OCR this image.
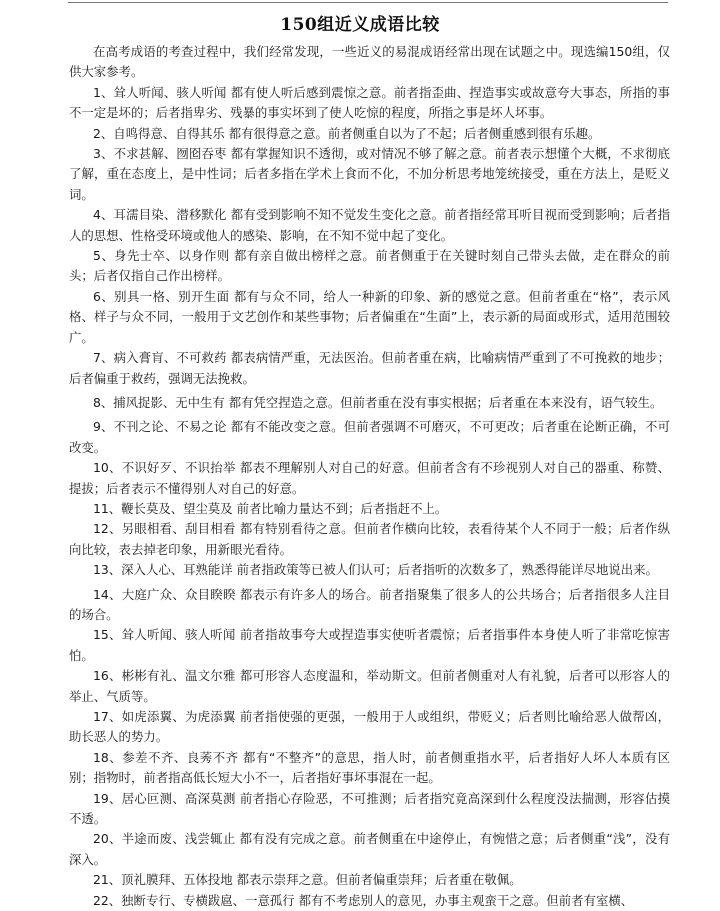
150组近义成语比较

在高考成语的考查过程中，我们经常发现，一些近义的易混成语经常出现在试题之中。现选编150组，仅供大家参考。

1、耸人听闻、骇人听闻 都有使人听后感到震惊之意。前者指歪曲、捏造事实或故意夸大事态，所指的事不一定是坏的；后者指卑劣、残暴的事实坏到了使人吃惊的程度，所指之事是坏人坏事。

2、自鸣得意、自得其乐 都有很得意之意。前者侧重自以为了不起；后者侧重感到很有乐趣。

3、不求甚解、囫囵吞枣 都有掌握知识不透彻，或对情况不够了解之意。前者表示想懂个大概，不求彻底了解，重在态度上，是中性词；后者多指在学术上食而不化，不加分析思考地笼统接受，重在方法上，是贬义词。

4、耳濡目染、潜移默化 都有受到影响不知不觉发生变化之意。前者指经常耳听目视而受到影响；后者指人的思想、性格受环境或他人的感染、影响，在不知不觉中起了变化。

5、身先士卒、以身作则 都有亲自做出榜样之意。前者侧重于在关键时刻自己带头去做，走在群众的前头；后者仅指自己作出榜样。

6、别具一格、别开生面 都有与众不同，给人一种新的印象、新的感觉之意。但前者重在“格”，表示风格、样子与众不同，一般用于文艺创作和某些事物；后者偏重在“生面”上，表示新的局面或形式，适用范围较广。

7、病入膏肓、不可救药 都表病情严重，无法医治。但前者重在病，比喻病情严重到了不可挽救的地步；后者偏重于救药，强调无法挽救。

8、捕风捉影、无中生有 都有凭空捏造之意。但前者重在没有事实根据；后者重在本来没有，语气较生。

9、不刊之论、不易之论 都有不能改变之意。但前者强调不可磨灭，不可更改；后者重在论断正确，不可改变。

10、不识好歹、不识抬举 都表不理解别人对自己的好意。但前者含有不珍视别人对自己的器重、称赞、提拔；后者表示不懂得别人对自己的好意。

11、鞭长莫及、望尘莫及 前者比喻力量达不到；后者指赶不上。

12、另眼相看、刮目相看 都有特别看待之意。但前者作横向比较，表看待某个人不同于一般；后者作纵向比较，表去掉老印象，用新眼光看待。

13、深入人心、耳熟能详 前者指政策等已被人们认可；后者指听的次数多了，熟悉得能详尽地说出来。

14、大庭广众、众目睽睽 都表示有许多人的场合。前者指聚集了很多人的公共场合；后者指很多人注目的场合。

15、耸人听闻、骇人听闻 前者指故事夸大或捏造事实使听者震惊；后者指事件本身使人听了非常吃惊害怕。

16、彬彬有礼、温文尔雅 都可形容人态度温和，举动斯文。但前者侧重对人有礼貌，后者可以形容人的举止、气质等。

17、如虎添翼、为虎添翼 前者指使强的更强，一般用于人或组织，带贬义；后者则比喻给恶人做帮凶，助长恶人的势力。

18、参差不齐、良莠不齐 都有“不整齐”的意思，指人时，前者侧重指水平，后者指好人坏人本质有区别；指物时，前者指高低长短大小不一，后者指好事坏事混在一起。

19、居心叵测、高深莫测 前者指心存险恶，不可推测；后者指究竟高深到什么程度没法揣测，形容估摸不透。

20、半途而废、浅尝辄止 都有没有完成之意。前者侧重在中途停止，有惋惜之意；后者侧重“浅”，没有深入。

21、顶礼膜拜、五体投地 都表示崇拜之意。但前者偏重崇拜；后者重在敬佩。

22、独断专行、专横跋扈、一意孤行 都有不考虑别人的意见，办事主观蛮干之意。但前者有室横、
